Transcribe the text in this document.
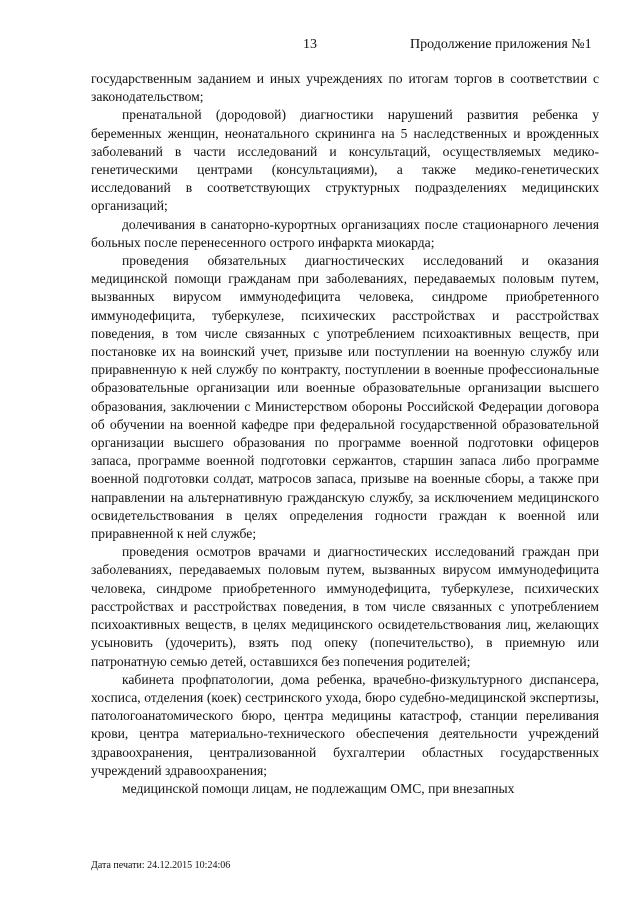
13	Продолжение приложения №1

государственным заданием и иных учреждениях по итогам торгов в соответствии с законодательством;

пренатальной (дородовой) диагностики нарушений развития ребенка у беременных женщин, неонатального скрининга на 5 наследственных и врожденных заболеваний в части исследований и консультаций, осуществляемых медико-генетическими центрами (консультациями), а также медико-генетических исследований в соответствующих структурных подразделениях медицинских организаций;

долечивания в санаторно-курортных организациях после стационарного лечения больных после перенесенного острого инфаркта миокарда;

проведения обязательных диагностических исследований и оказания медицинской помощи гражданам при заболеваниях, передаваемых половым путем, вызванных вирусом иммунодефицита человека, синдроме приобретенного иммунодефицита, туберкулезе, психических расстройствах и расстройствах поведения, в том числе связанных с употреблением психоактивных веществ, при постановке их на воинский учет, призыве или поступлении на военную службу или приравненную к ней службу по контракту, поступлении в военные профессиональные образовательные организации или военные образовательные организации высшего образования, заключении с Министерством обороны Российской Федерации договора об обучении на военной кафедре при федеральной государственной образовательной организации высшего образования по программе военной подготовки офицеров запаса, программе военной подготовки сержантов, старшин запаса либо программе военной подготовки солдат, матросов запаса, призыве на военные сборы, а также при направлении на альтернативную гражданскую службу, за исключением медицинского освидетельствования в целях определения годности граждан к военной или приравненной к ней службе;

проведения осмотров врачами и диагностических исследований граждан при заболеваниях, передаваемых половым путем, вызванных вирусом иммунодефицита человека, синдроме приобретенного иммунодефицита, туберкулезе, психических расстройствах и расстройствах поведения, в том числе связанных с употреблением психоактивных веществ, в целях медицинского освидетельствования лиц, желающих усыновить (удочерить), взять под опеку (попечительство), в приемную или патронатную семью детей, оставшихся без попечения родителей;

кабинета профпатологии, дома ребенка, врачебно-физкультурного диспансера, хосписа, отделения (коек) сестринского ухода, бюро судебно-медицинской экспертизы, патологоанатомического бюро, центра медицины катастроф, станции переливания крови, центра материально-технического обеспечения деятельности учреждений здравоохранения, централизованной бухгалтерии областных государственных учреждений здравоохранения;

медицинской помощи лицам, не подлежащим ОМС, при внезапных

Дата печати: 24.12.2015 10:24:06
